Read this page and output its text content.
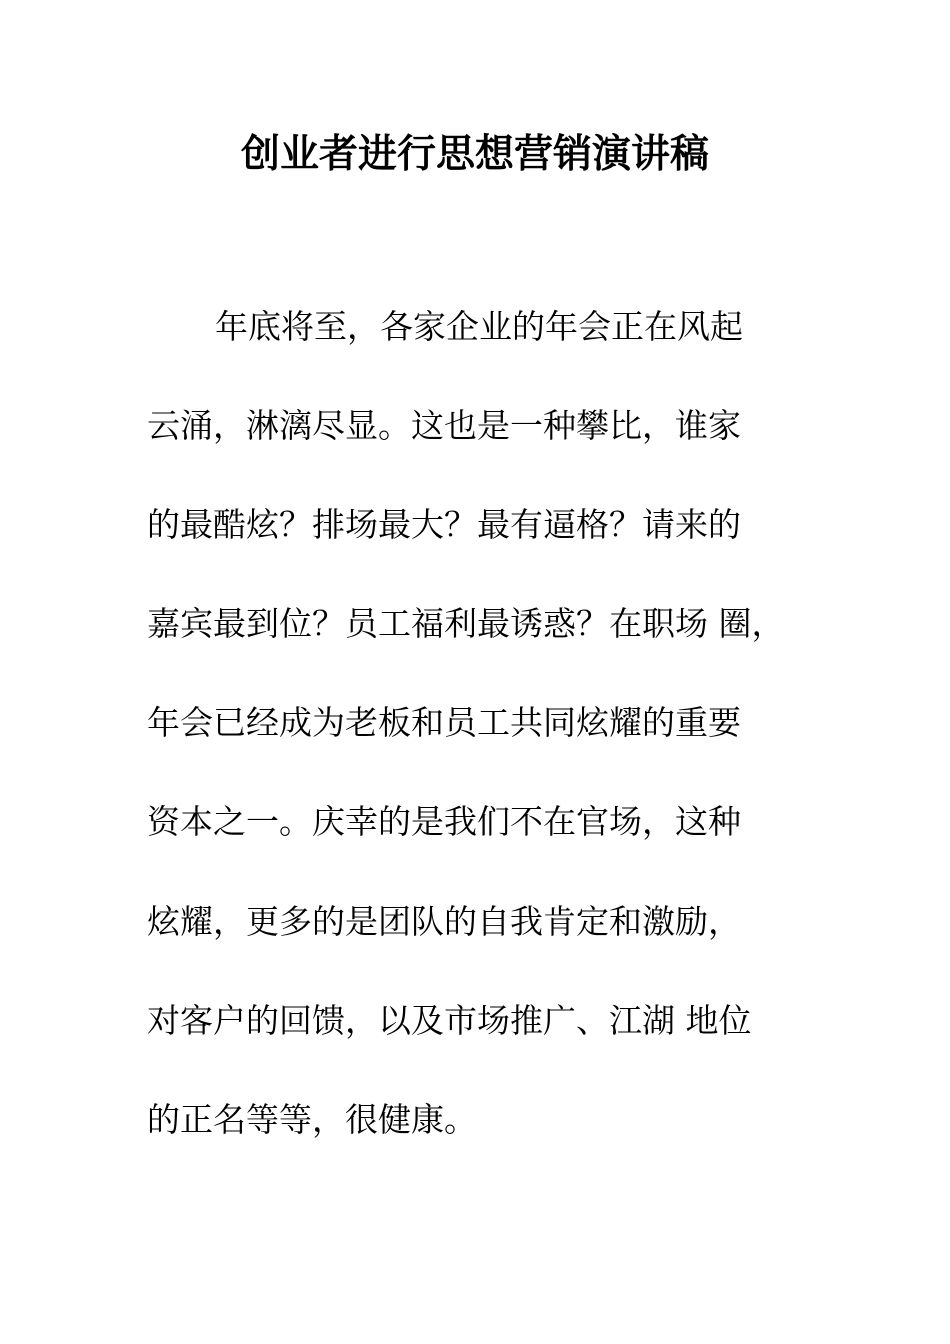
创业者进行思想营销演讲稿
年底将至，各家企业的年会正在风起
云涌，淋漓尽显。这也是一种攀比，谁家
的最酷炫？排场最大？最有逼格？请来的
嘉宾最到位？员工福利最诱惑？在职场 圈，
年会已经成为老板和员工共同炫耀的重要
资本之一。庆幸的是我们不在官场，这种
炫耀，更多的是团队的自我肯定和激励，
对客户的回馈，以及市场推广、江湖 地位
的正名等等，很健康。
